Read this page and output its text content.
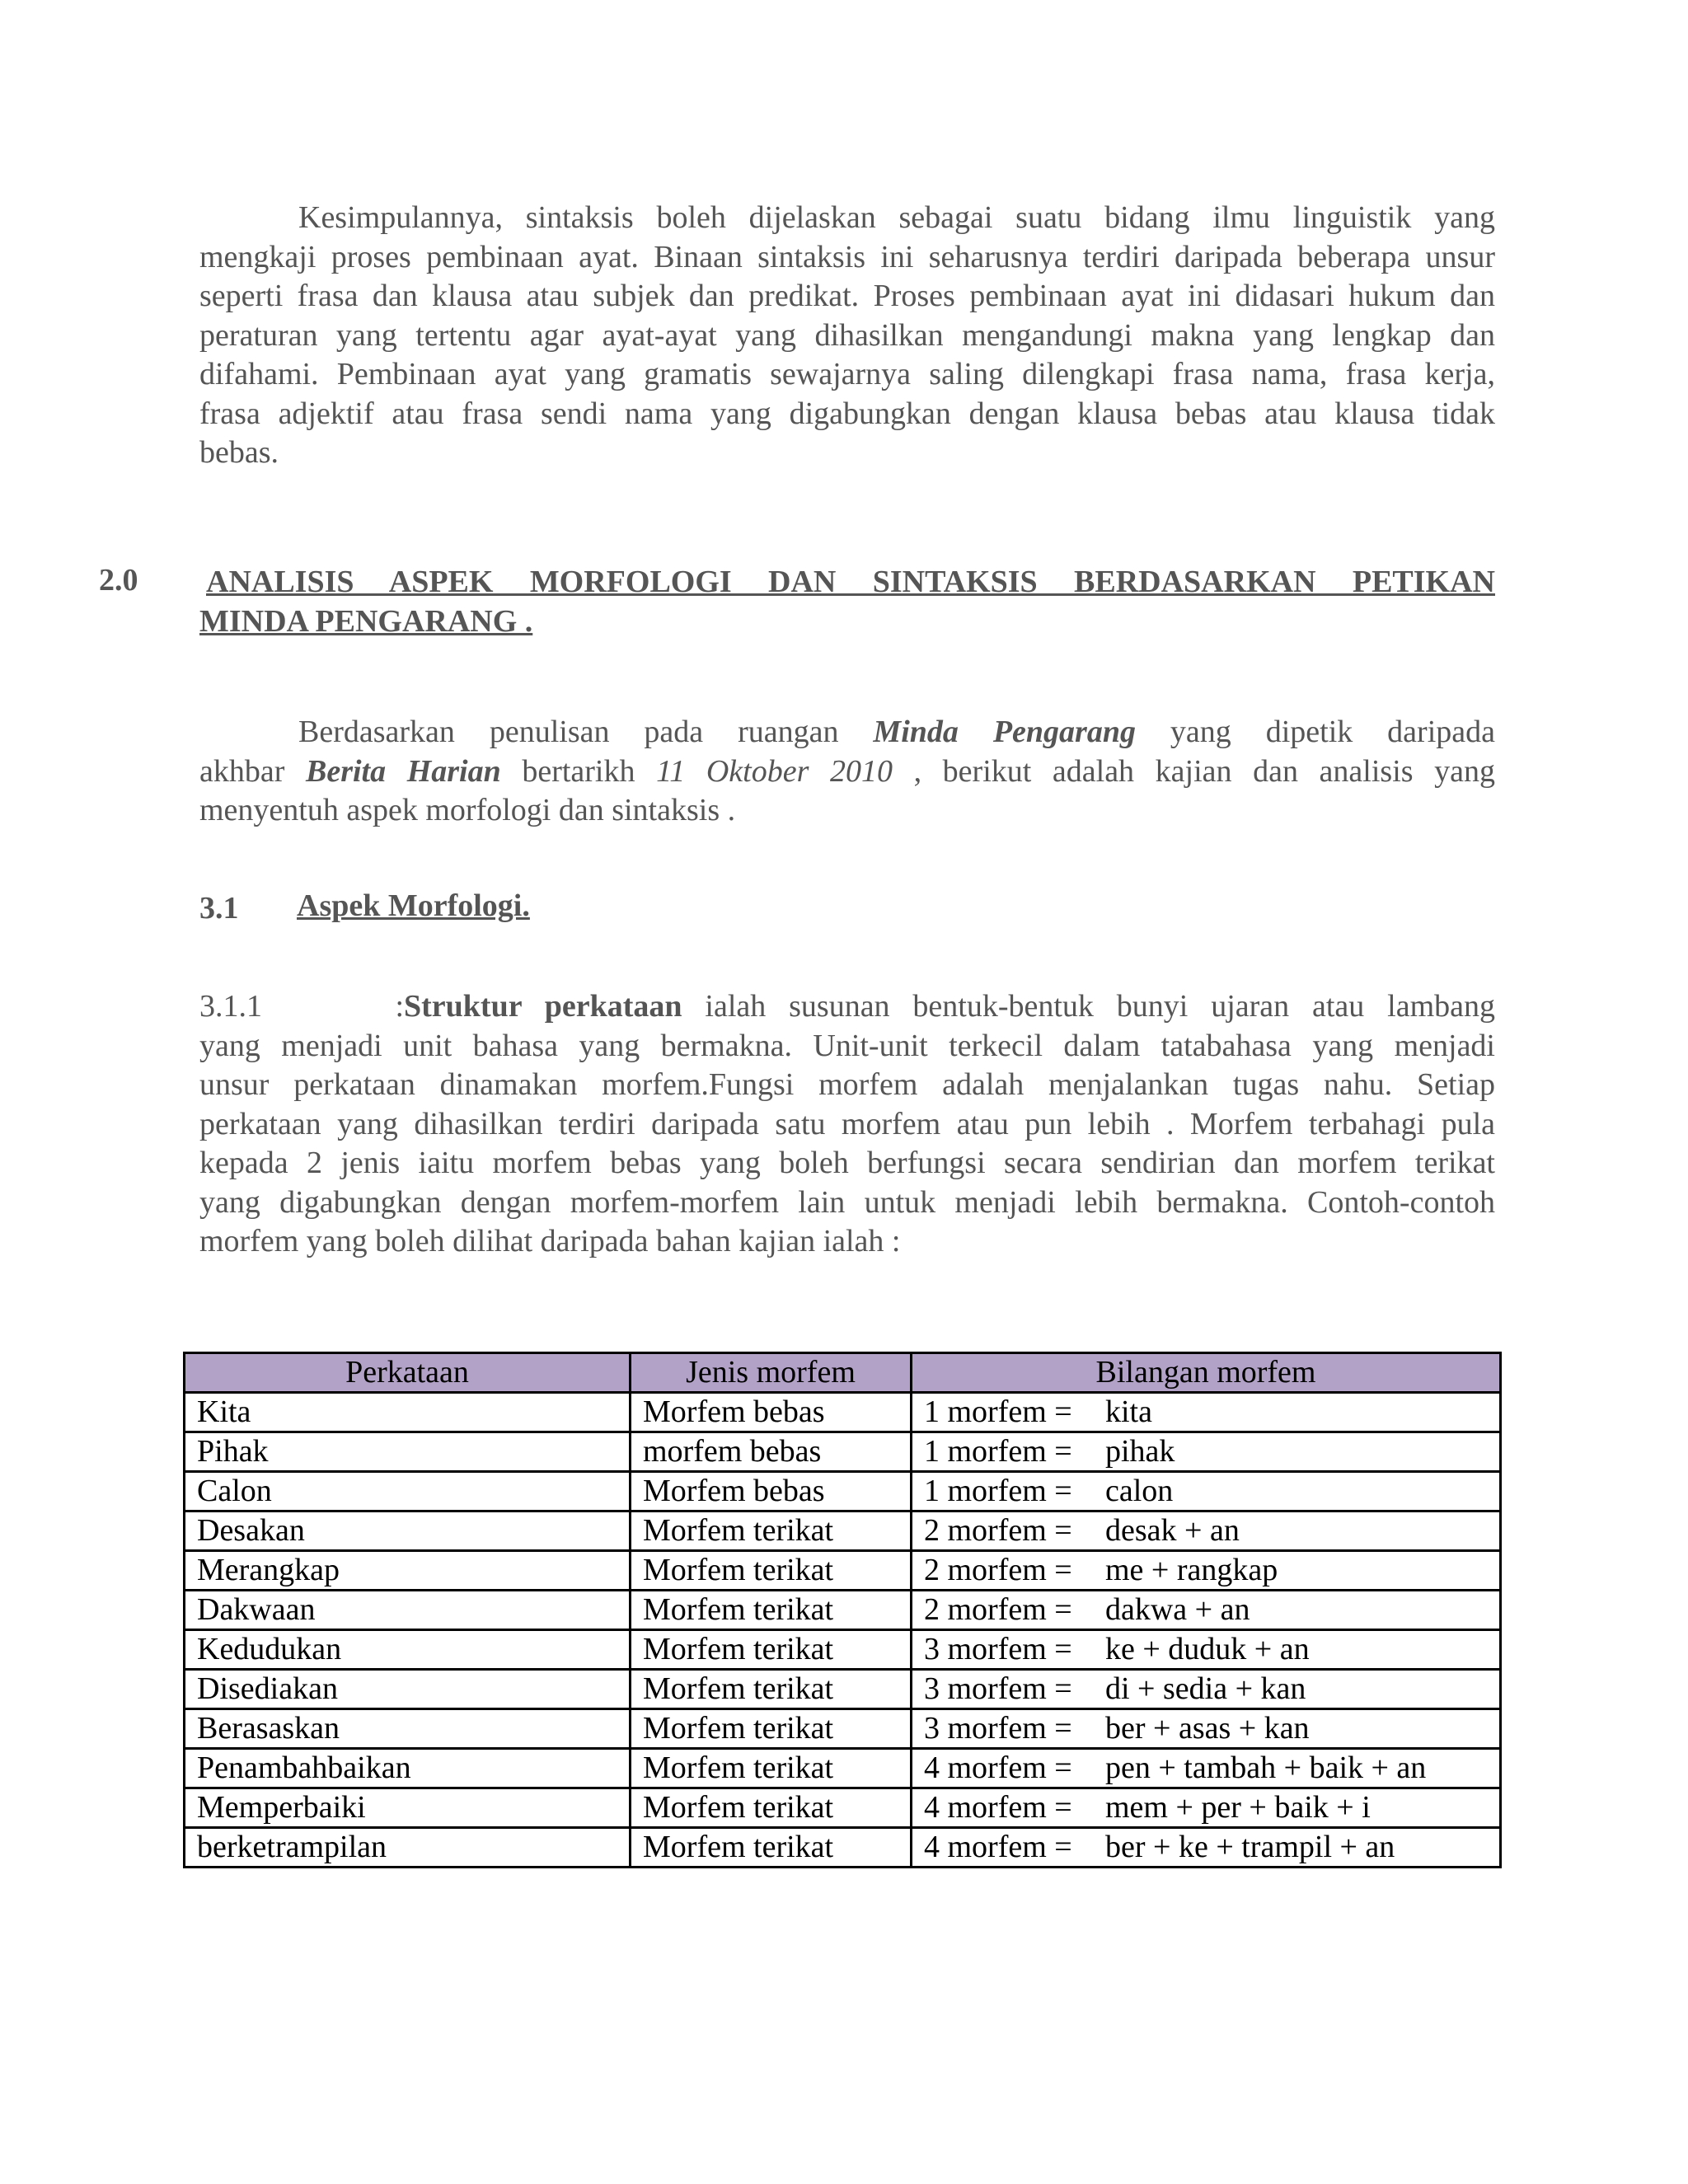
Kesimpulannya, sintaksis boleh dijelaskan sebagai suatu bidang ilmu linguistik yang
mengkaji proses pembinaan ayat. Binaan sintaksis ini seharusnya terdiri daripada beberapa unsur
seperti frasa dan klausa atau subjek dan predikat. Proses pembinaan ayat ini didasari hukum dan
peraturan yang tertentu agar ayat-ayat yang dihasilkan mengandungi makna yang lengkap dan
difahami. Pembinaan ayat yang gramatis sewajarnya saling dilengkapi frasa nama, frasa kerja,
frasa adjektif atau frasa sendi nama yang digabungkan dengan klausa bebas atau klausa tidak
bebas.
2.0 ANALISIS ASPEK MORFOLOGI DAN SINTAKSIS BERDASARKAN PETIKAN
MINDA PENGARANG .
Berdasarkan penulisan pada ruangan Minda Pengarang yang dipetik daripada
akhbar Berita Harian bertarikh 11 Oktober 2010 , berikut adalah kajian dan analisis yang
menyentuh aspek morfologi dan sintaksis .
3.1 Aspek Morfologi.
3.1.1 :Struktur perkataan ialah susunan bentuk-bentuk bunyi ujaran atau lambang
yang menjadi unit bahasa yang bermakna. Unit-unit terkecil dalam tatabahasa yang menjadi
unsur perkataan dinamakan morfem.Fungsi morfem adalah menjalankan tugas nahu. Setiap
perkataan yang dihasilkan terdiri daripada satu morfem atau pun lebih . Morfem terbahagi pula
kepada 2 jenis iaitu morfem bebas yang boleh berfungsi secara sendirian dan morfem terikat
yang digabungkan dengan morfem-morfem lain untuk menjadi lebih bermakna. Contoh-contoh
morfem yang boleh dilihat daripada bahan kajian ialah :
Perkataan	Jenis morfem	Bilangan morfem
Kita	Morfem bebas	1 morfem = kita
Pihak	morfem bebas	1 morfem = pihak
Calon	Morfem bebas	1 morfem = calon
Desakan	Morfem terikat	2 morfem = desak + an
Merangkap	Morfem terikat	2 morfem = me + rangkap
Dakwaan	Morfem terikat	2 morfem = dakwa + an
Kedudukan	Morfem terikat	3 morfem = ke + duduk + an
Disediakan	Morfem terikat	3 morfem = di + sedia + kan
Berasaskan	Morfem terikat	3 morfem = ber + asas + kan
Penambahbaikan	Morfem terikat	4 morfem = pen + tambah + baik + an
Memperbaiki	Morfem terikat	4 morfem = mem + per + baik + i
berketrampilan	Morfem terikat	4 morfem = ber + ke + trampil + an
